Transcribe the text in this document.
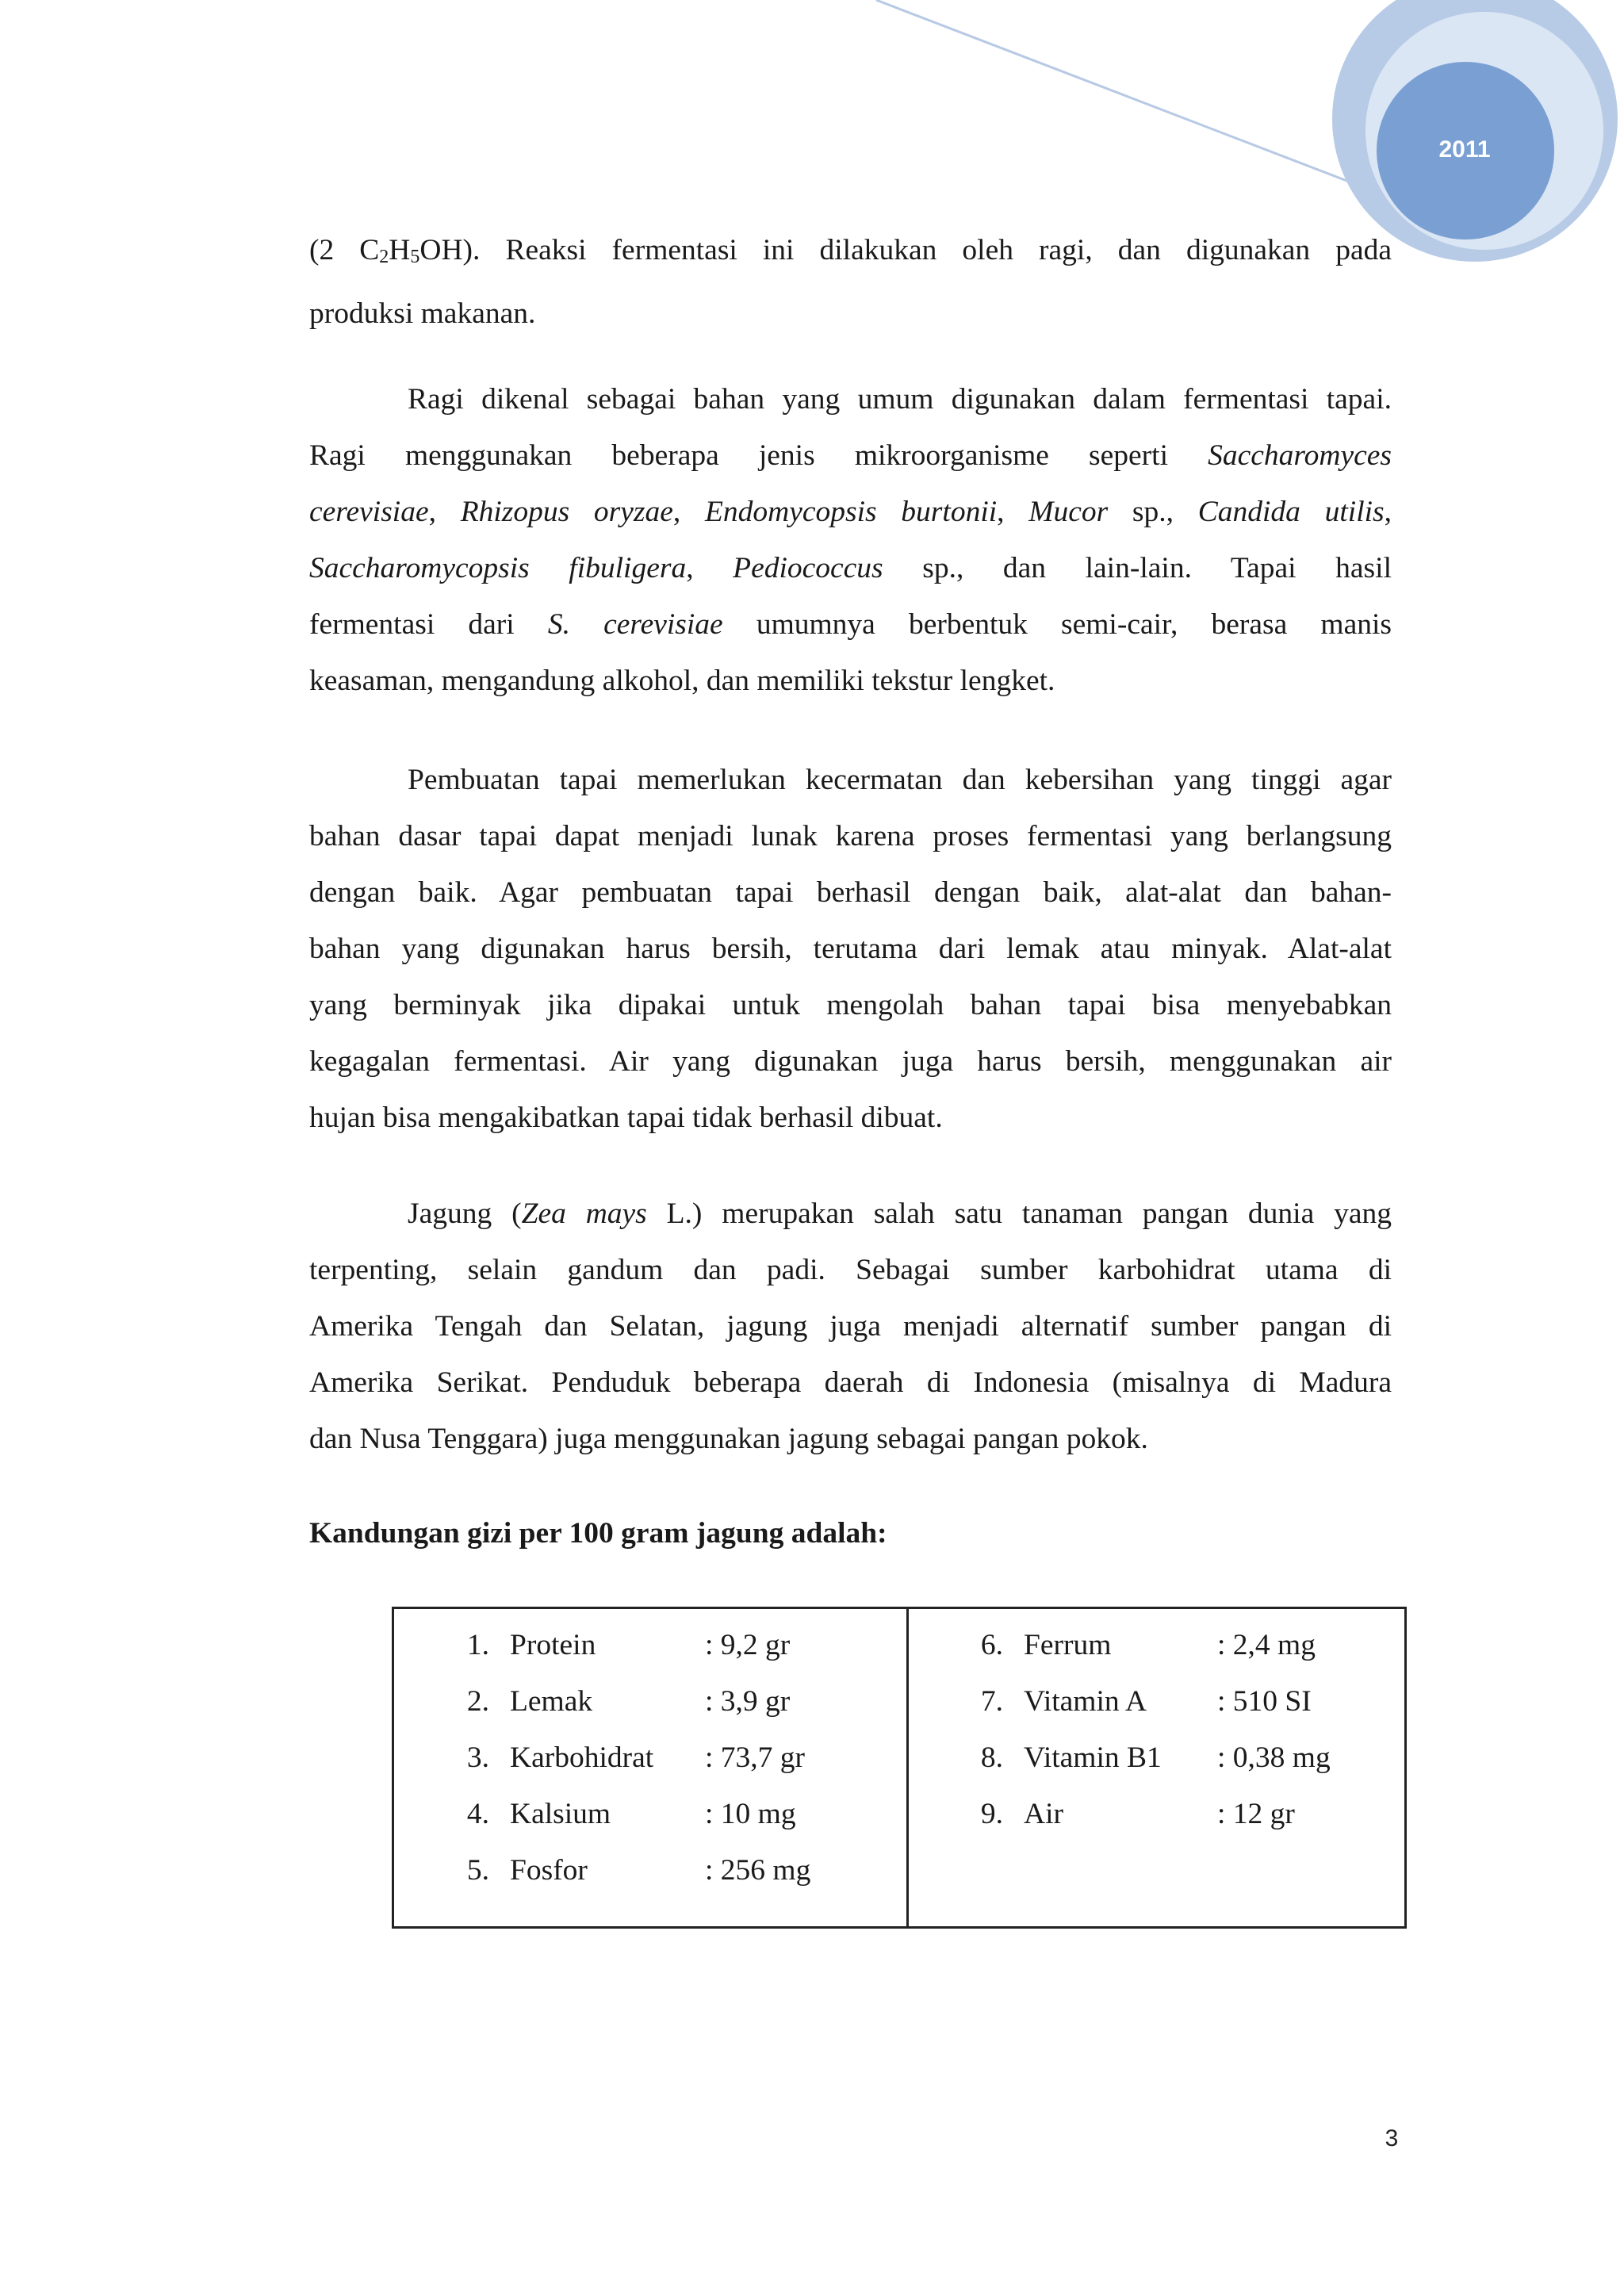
2011
(2 $C_2H_5OH$). Reaksi fermentasi ini dilakukan oleh ragi, dan digunakan pada
produksi makanan.
Ragi dikenal sebagai bahan yang umum digunakan dalam fermentasi tapai.
Ragi menggunakan beberapa jenis mikroorganisme seperti Saccharomyces
cerevisiae, Rhizopus oryzae, Endomycopsis burtonii, Mucor sp., Candida utilis,
Saccharomycopsis fibuligera, Pediococcus sp., dan lain-lain. Tapai hasil
fermentasi dari S. cerevisiae umumnya berbentuk semi-cair, berasa manis
keasaman, mengandung alkohol, dan memiliki tekstur lengket.
Pembuatan tapai memerlukan kecermatan dan kebersihan yang tinggi agar
bahan dasar tapai dapat menjadi lunak karena proses fermentasi yang berlangsung
dengan baik. Agar pembuatan tapai berhasil dengan baik, alat-alat dan bahan-
bahan yang digunakan harus bersih, terutama dari lemak atau minyak. Alat-alat
yang berminyak jika dipakai untuk mengolah bahan tapai bisa menyebabkan
kegagalan fermentasi. Air yang digunakan juga harus bersih, menggunakan air
hujan bisa mengakibatkan tapai tidak berhasil dibuat.
Jagung (Zea mays L.) merupakan salah satu tanaman pangan dunia yang
terpenting, selain gandum dan padi. Sebagai sumber karbohidrat utama di
Amerika Tengah dan Selatan, jagung juga menjadi alternatif sumber pangan di
Amerika Serikat. Penduduk beberapa daerah di Indonesia (misalnya di Madura
dan Nusa Tenggara) juga menggunakan jagung sebagai pangan pokok.
Kandungan gizi per 100 gram jagung adalah:
1. Protein	: 9,2 gr
2. Lemak	: 3,9 gr
3. Karbohidrat : 73,7 gr
4. Kalsium	: 10 mg
5. Fosfor	: 256 mg
6. Ferrum	: 2,4 mg
7. Vitamin A : 510 SI
8. Vitamin B1 : 0,38 mg
9. Air	: 12 gr
3
